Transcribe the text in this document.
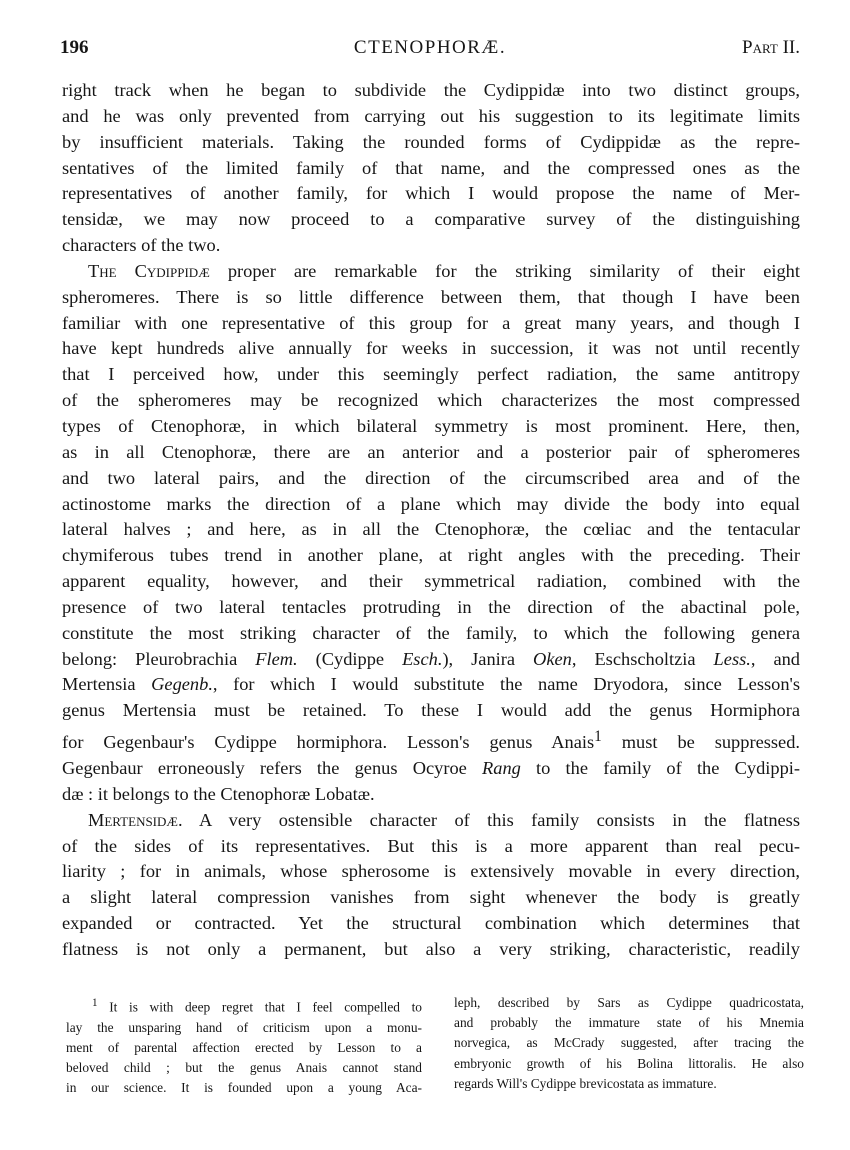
196	CTENOPHORÆ.	Part II.
right track when he began to subdivide the Cydippidæ into two distinct groups,
and he was only prevented from carrying out his suggestion to its legitimate limits
by insufficient materials. Taking the rounded forms of Cydippidæ as the repre-
sentatives of the limited family of that name, and the compressed ones as the
representatives of another family, for which I would propose the name of Mer-
tensidæ, we may now proceed to a comparative survey of the distinguishing
characters of the two.
The Cydippidæ proper are remarkable for the striking similarity of their eight
spheromeres. There is so little difference between them, that though I have been
familiar with one representative of this group for a great many years, and though I
have kept hundreds alive annually for weeks in succession, it was not until recently
that I perceived how, under this seemingly perfect radiation, the same antitropy
of the spheromeres may be recognized which characterizes the most compressed
types of Ctenophoræ, in which bilateral symmetry is most prominent. Here, then,
as in all Ctenophoræ, there are an anterior and a posterior pair of spheromeres
and two lateral pairs, and the direction of the circumscribed area and of the
actinostome marks the direction of a plane which may divide the body into equal
lateral halves ; and here, as in all the Ctenophoræ, the cœliac and the tentacular
chymiferous tubes trend in another plane, at right angles with the preceding. Their
apparent equality, however, and their symmetrical radiation, combined with the
presence of two lateral tentacles protruding in the direction of the abactinal pole,
constitute the most striking character of the family, to which the following genera
belong: Pleurobrachia Flem. (Cydippe Esch.), Janira Oken, Eschscholtzia Less., and
Mertensia Gegenb., for which I would substitute the name Dryodora, since Lesson's
genus Mertensia must be retained. To these I would add the genus Hormiphora
for Gegenbaur's Cydippe hormiphora. Lesson's genus Anais$^1$ must be suppressed.
Gegenbaur erroneously refers the genus Ocyroe Rang to the family of the Cydippi-
dæ : it belongs to the Ctenophoræ Lobatæ.
Mertensidæ. A very ostensible character of this family consists in the flatness
of the sides of its representatives. But this is a more apparent than real pecu-
liarity ; for in animals, whose spherosome is extensively movable in every direction,
a slight lateral compression vanishes from sight whenever the body is greatly
expanded or contracted. Yet the structural combination which determines that
flatness is not only a permanent, but also a very striking, characteristic, readily
$^1$ It is with deep regret that I feel compelled to
lay the unsparing hand of criticism upon a monu-
ment of parental affection erected by Lesson to a
beloved child ; but the genus Anais cannot stand
in our science. It is founded upon a young Aca-
leph, described by Sars as Cydippe quadricostata,
and probably the immature state of his Mnemia
norvegica, as McCrady suggested, after tracing the
embryonic growth of his Bolina littoralis. He also
regards Will's Cydippe brevicostata as immature.
